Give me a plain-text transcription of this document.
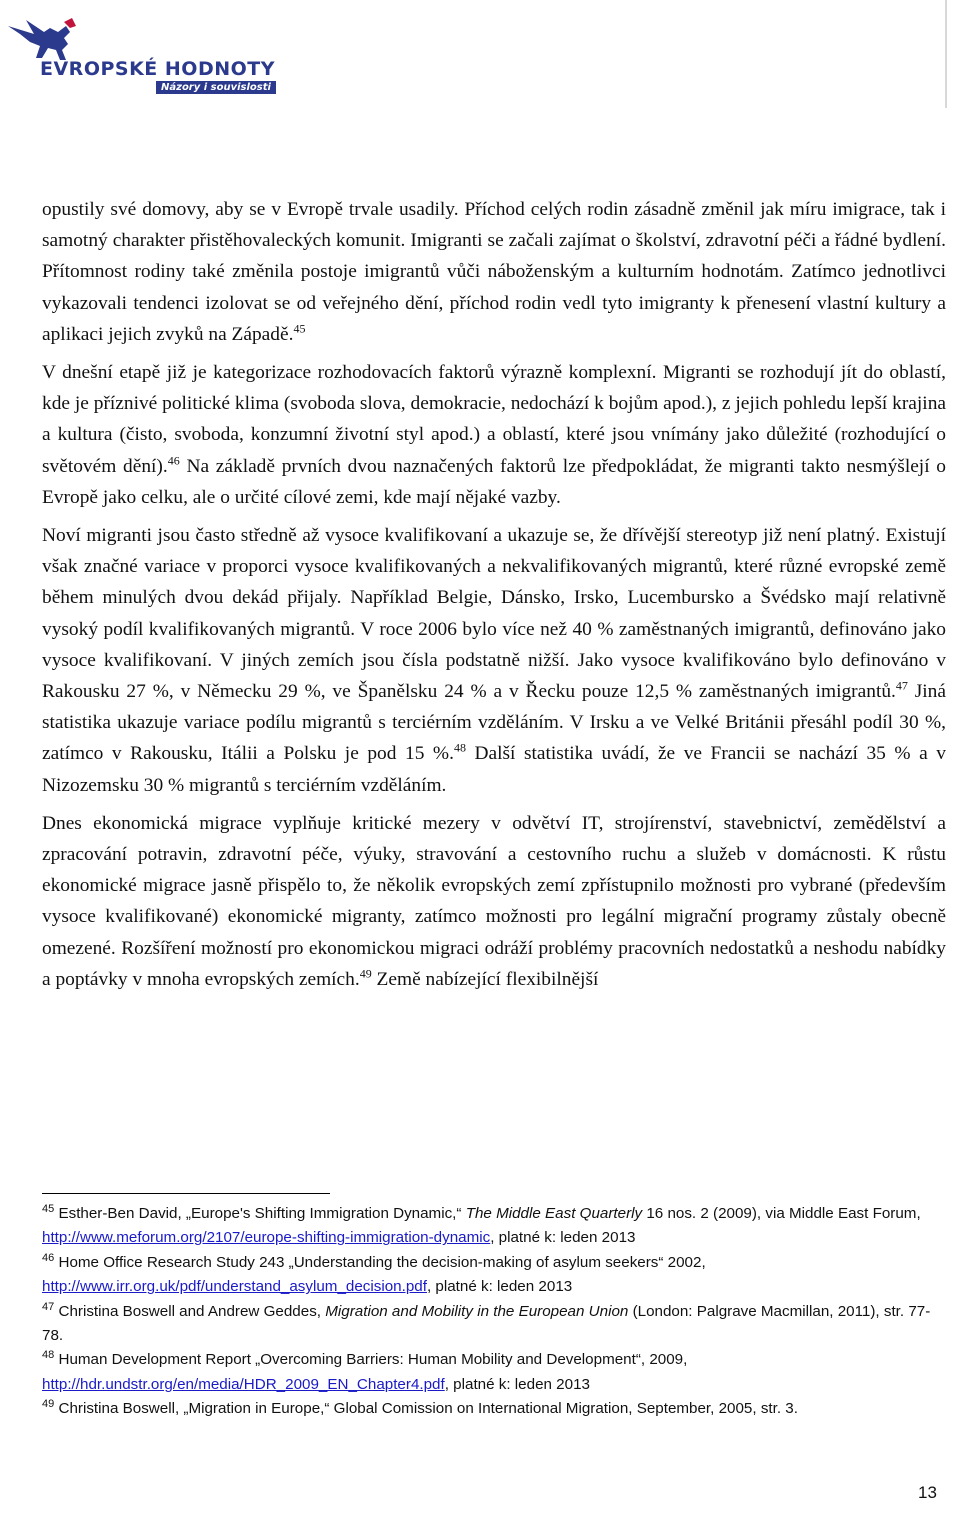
EVROPSKÉ HODNOTY
Názory i souvislosti

opustily své domovy, aby se v Evropě trvale usadily. Příchod celých rodin zásadně změnil jak míru imigrace, tak i samotný charakter přistěhovaleckých komunit. Imigranti se začali zajímat o školství, zdravotní péči a řádné bydlení. Přítomnost rodiny také změnila postoje imigrantů vůči náboženským a kulturním hodnotám. Zatímco jednotlivci vykazovali tendenci izolovat se od veřejného dění, příchod rodin vedl tyto imigranty k přenesení vlastní kultury a aplikaci jejich zvyků na Západě.$^{45}$

V dnešní etapě již je kategorizace rozhodovacích faktorů výrazně komplexní. Migranti se rozhodují jít do oblastí, kde je příznivé politické klima (svoboda slova, demokracie, nedochází k bojům apod.), z jejich pohledu lepší krajina a kultura (čisto, svoboda, konzumní životní styl apod.) a oblastí, které jsou vnímány jako důležité (rozhodující o světovém dění).$^{46}$ Na základě prvních dvou naznačených faktorů lze předpokládat, že migranti takto nesmýšlejí o Evropě jako celku, ale o určité cílové zemi, kde mají nějaké vazby.

Noví migranti jsou často středně až vysoce kvalifikovaní a ukazuje se, že dřívější stereotyp již není platný. Existují však značné variace v proporci vysoce kvalifikovaných a nekvalifikovaných migrantů, které různé evropské země během minulých dvou dekád přijaly. Například Belgie, Dánsko, Irsko, Lucembursko a Švédsko mají relativně vysoký podíl kvalifikovaných migrantů. V roce 2006 bylo více než 40 % zaměstnaných imigrantů, definováno jako vysoce kvalifikovaní. V jiných zemích jsou čísla podstatně nižší. Jako vysoce kvalifikováno bylo definováno v Rakousku 27 %, v Německu 29 %, ve Španělsku 24 % a v Řecku pouze 12,5 % zaměstnaných imigrantů.$^{47}$ Jiná statistika ukazuje variace podílu migrantů s terciérním vzděláním. V Irsku a ve Velké Británii přesáhl podíl 30 %, zatímco v Rakousku, Itálii a Polsku je pod 15 %.$^{48}$ Další statistika uvádí, že ve Francii se nachází 35 % a v Nizozemsku 30 % migrantů s terciérním vzděláním.

Dnes ekonomická migrace vyplňuje kritické mezery v odvětví IT, strojírenství, stavebnictví, zemědělství a zpracování potravin, zdravotní péče, výuky, stravování a cestovního ruchu a služeb v domácnosti. K růstu ekonomické migrace jasně přispělo to, že několik evropských zemí zpřístupnilo možnosti pro vybrané (především vysoce kvalifikované) ekonomické migranty, zatímco možnosti pro legální migrační programy zůstaly obecně omezené. Rozšíření možností pro ekonomickou migraci odráží problémy pracovních nedostatků a neshodu nabídky a poptávky v mnoha evropských zemích.$^{49}$ Země nabízející flexibilnější

$^{45}$ Esther-Ben David, „Europe's Shifting Immigration Dynamic,“ The Middle East Quarterly 16 nos. 2 (2009), via Middle East Forum, http://www.meforum.org/2107/europe-shifting-immigration-dynamic, platné k: leden 2013

$^{46}$ Home Office Research Study 243 „Understanding the decision-making of asylum seekers“ 2002, http://www.irr.org.uk/pdf/understand_asylum_decision.pdf, platné k: leden 2013

$^{47}$ Christina Boswell and Andrew Geddes, Migration and Mobility in the European Union (London: Palgrave Macmillan, 2011), str. 77-78.

$^{48}$ Human Development Report „Overcoming Barriers: Human Mobility and Development“, 2009, http://hdr.undstr.org/en/media/HDR_2009_EN_Chapter4.pdf, platné k: leden 2013

$^{49}$ Christina Boswell, „Migration in Europe,“ Global Comission on International Migration, September, 2005, str. 3.

13
